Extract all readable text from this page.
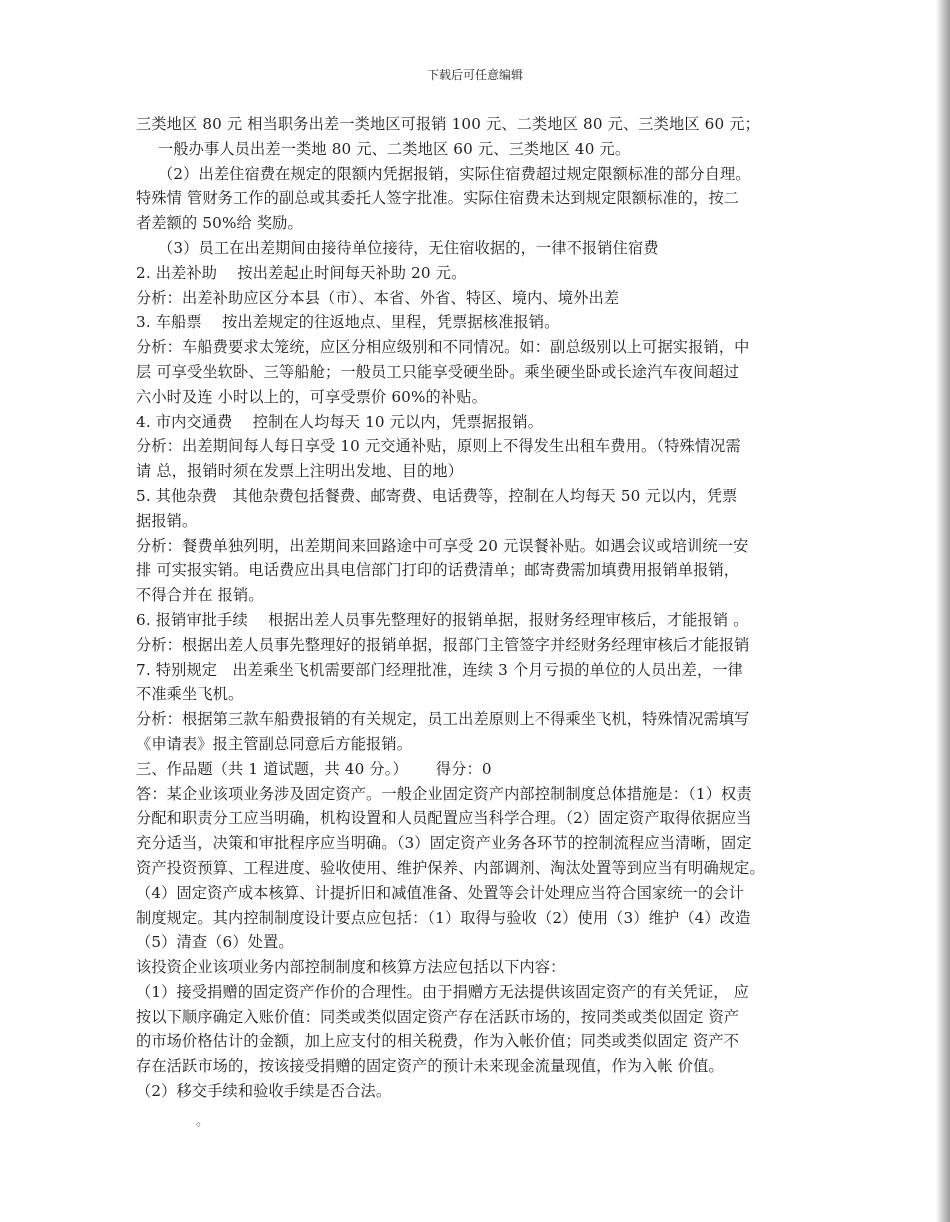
下载后可任意编辑

三类地区 80 元 相当职务出差一类地区可报销 100 元、二类地区 80 元、三类地区 60 元；

一般办事人员出差一类地 80 元、二类地区 60 元、三类地区 40 元。

（2）出差住宿费在规定的限额内凭据报销，实际住宿费超过规定限额标准的部分自理。

特殊情 管财务工作的副总或其委托人签字批准。实际住宿费未达到规定限额标准的，按二

者差额的 50%给 奖励。

（3）员工在出差期间由接待单位接待，无住宿收据的，一律不报销住宿费

2. 出差补助　 按出差起止时间每天补助 20 元。

分析：出差补助应区分本县（市）、本省、外省、特区、境内、境外出差

3. 车船票　 按出差规定的往返地点、里程，凭票据核准报销。

分析：车船费要求太笼统，应区分相应级别和不同情况。如：副总级别以上可据实报销，中

层 可享受坐软卧、三等船舱；一般员工只能享受硬坐卧。乘坐硬坐卧或长途汽车夜间超过

六小时及连 小时以上的，可享受票价 60%的补贴。

4. 市内交通费　 控制在人均每天 10 元以内，凭票据报销。

分析：出差期间每人每日享受 10 元交通补贴，原则上不得发生出租车费用。（特殊情况需

请 总，报销时须在发票上注明出发地、目的地）

5. 其他杂费　其他杂费包括餐费、邮寄费、电话费等，控制在人均每天 50 元以内，凭票

据报销。

分析：餐费单独列明，出差期间来回路途中可享受 20 元误餐补贴。如遇会议或培训统一安

排 可实报实销。电话费应出具电信部门打印的话费清单；邮寄费需加填费用报销单报销，

不得合并在 报销。

6. 报销审批手续　 根据出差人员事先整理好的报销单据，报财务经理审核后，才能报销 。

分析：根据出差人员事先整理好的报销单据，报部门主管签字并经财务经理审核后才能报销

7. 特别规定　出差乘坐飞机需要部门经理批准，连续 3 个月亏损的单位的人员出差，一律

不准乘坐飞机。

分析：根据第三款车船费报销的有关规定，员工出差原则上不得乘坐飞机，特殊情况需填写

《申请表》报主管副总同意后方能报销。

三、作品题（共 1 道试题，共 40 分。）　　 得分：0

答：某企业该项业务涉及固定资产。一般企业固定资产内部控制制度总体措施是：（1）权责

分配和职责分工应当明确，机构设置和人员配置应当科学合理。（2）固定资产取得依据应当

充分适当，决策和审批程序应当明确。（3）固定资产业务各环节的控制流程应当清晰，固定

资产投资预算、工程进度、验收使用、维护保养、内部调剂、淘汰处置等到应当有明确规定。

（4）固定资产成本核算、计提折旧和减值准备、处置等会计处理应当符合国家统一的会计

制度规定。其内控制制度设计要点应包括：（1）取得与验收（2）使用（3）维护（4）改造

（5）清查（6）处置。

该投资企业该项业务内部控制制度和核算方法应包括以下内容：

（1）接受捐赠的固定资产作价的合理性。由于捐赠方无法提供该固定资产的有关凭证， 应

按以下顺序确定入账价值：同类或类似固定资产存在活跃市场的，按同类或类似固定 资产

的市场价格估计的金额，加上应支付的相关税费，作为入帐价值；同类或类似固定 资产不

存在活跃市场的，按该接受捐赠的固定资产的预计未来现金流量现值，作为入帐 价值。

（2）移交手续和验收手续是否合法。

。
